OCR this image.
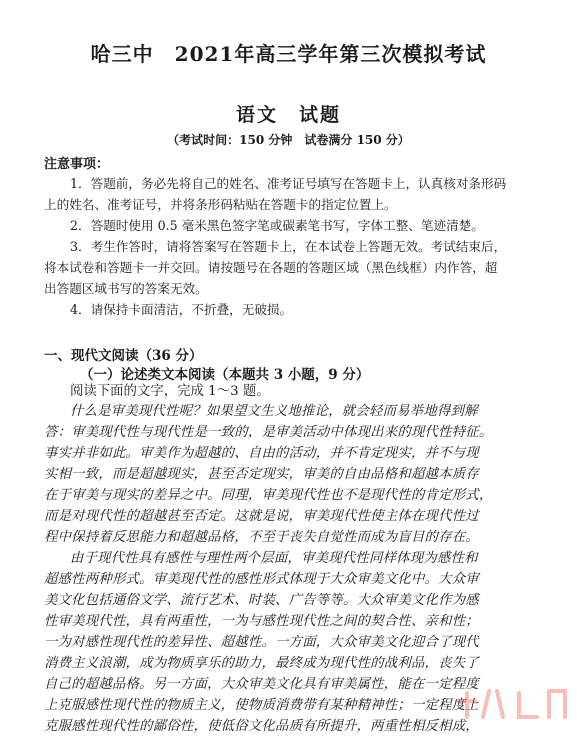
哈三中　2021年高三学年第三次模拟考试
语文　试题
（考试时间：150 分钟　试卷满分 150 分）
注意事项：
1．答题前，务必先将自己的姓名、准考证号填写在答题卡上，认真核对条形码
上的姓名、准考证号，并将条形码粘贴在答题卡的指定位置上。
2．答题时使用 0.5 毫米黑色签字笔或碳素笔书写，字体工整、笔迹清楚。
3．考生作答时，请将答案写在答题卡上，在本试卷上答题无效。考试结束后，
将本试卷和答题卡一并交回。请按题号在各题的答题区域（黑色线框）内作答，超
出答题区域书写的答案无效。
4．请保持卡面清洁，不折叠，无破损。
一、现代文阅读（36 分）
（一）论述类文本阅读（本题共 3 小题，9 分）
阅读下面的文字，完成 1～3 题。
什么是审美现代性呢？如果望文生义地推论，就会轻而易举地得到解
答：审美现代性与现代性是一致的，是审美活动中体现出来的现代性特征。
事实并非如此。审美作为超越的、自由的活动，并不肯定现实，并不与现
实相一致，而是超越现实，甚至否定现实，审美的自由品格和超越本质存
在于审美与现实的差异之中。同理，审美现代性也不是现代性的肯定形式，
而是对现代性的超越甚至否定。这就是说，审美现代性使主体在现代性过
程中保持着反思能力和超越品格，不至于丧失自觉性而成为盲目的存在。
由于现代性具有感性与理性两个层面，审美现代性同样体现为感性和
超感性两种形式。审美现代性的感性形式体现于大众审美文化中。大众审
美文化包括通俗文学、流行艺术、时装、广告等等。大众审美文化作为感
性审美现代性，具有两重性，一为与感性现代性之间的契合性、亲和性；
一为对感性现代性的差异性、超越性。一方面，大众审美文化迎合了现代
消费主义浪潮，成为物质享乐的助力，最终成为现代性的战利品，丧失了
自己的超越品格。另一方面，大众审美文化具有审美属性，能在一定程度
上克服感性现代性的物质主义，使物质消费带有某种精神性；一定程度上
克服感性现代性的鄙俗性，使低俗文化品质有所提升，两重性相反相成，
